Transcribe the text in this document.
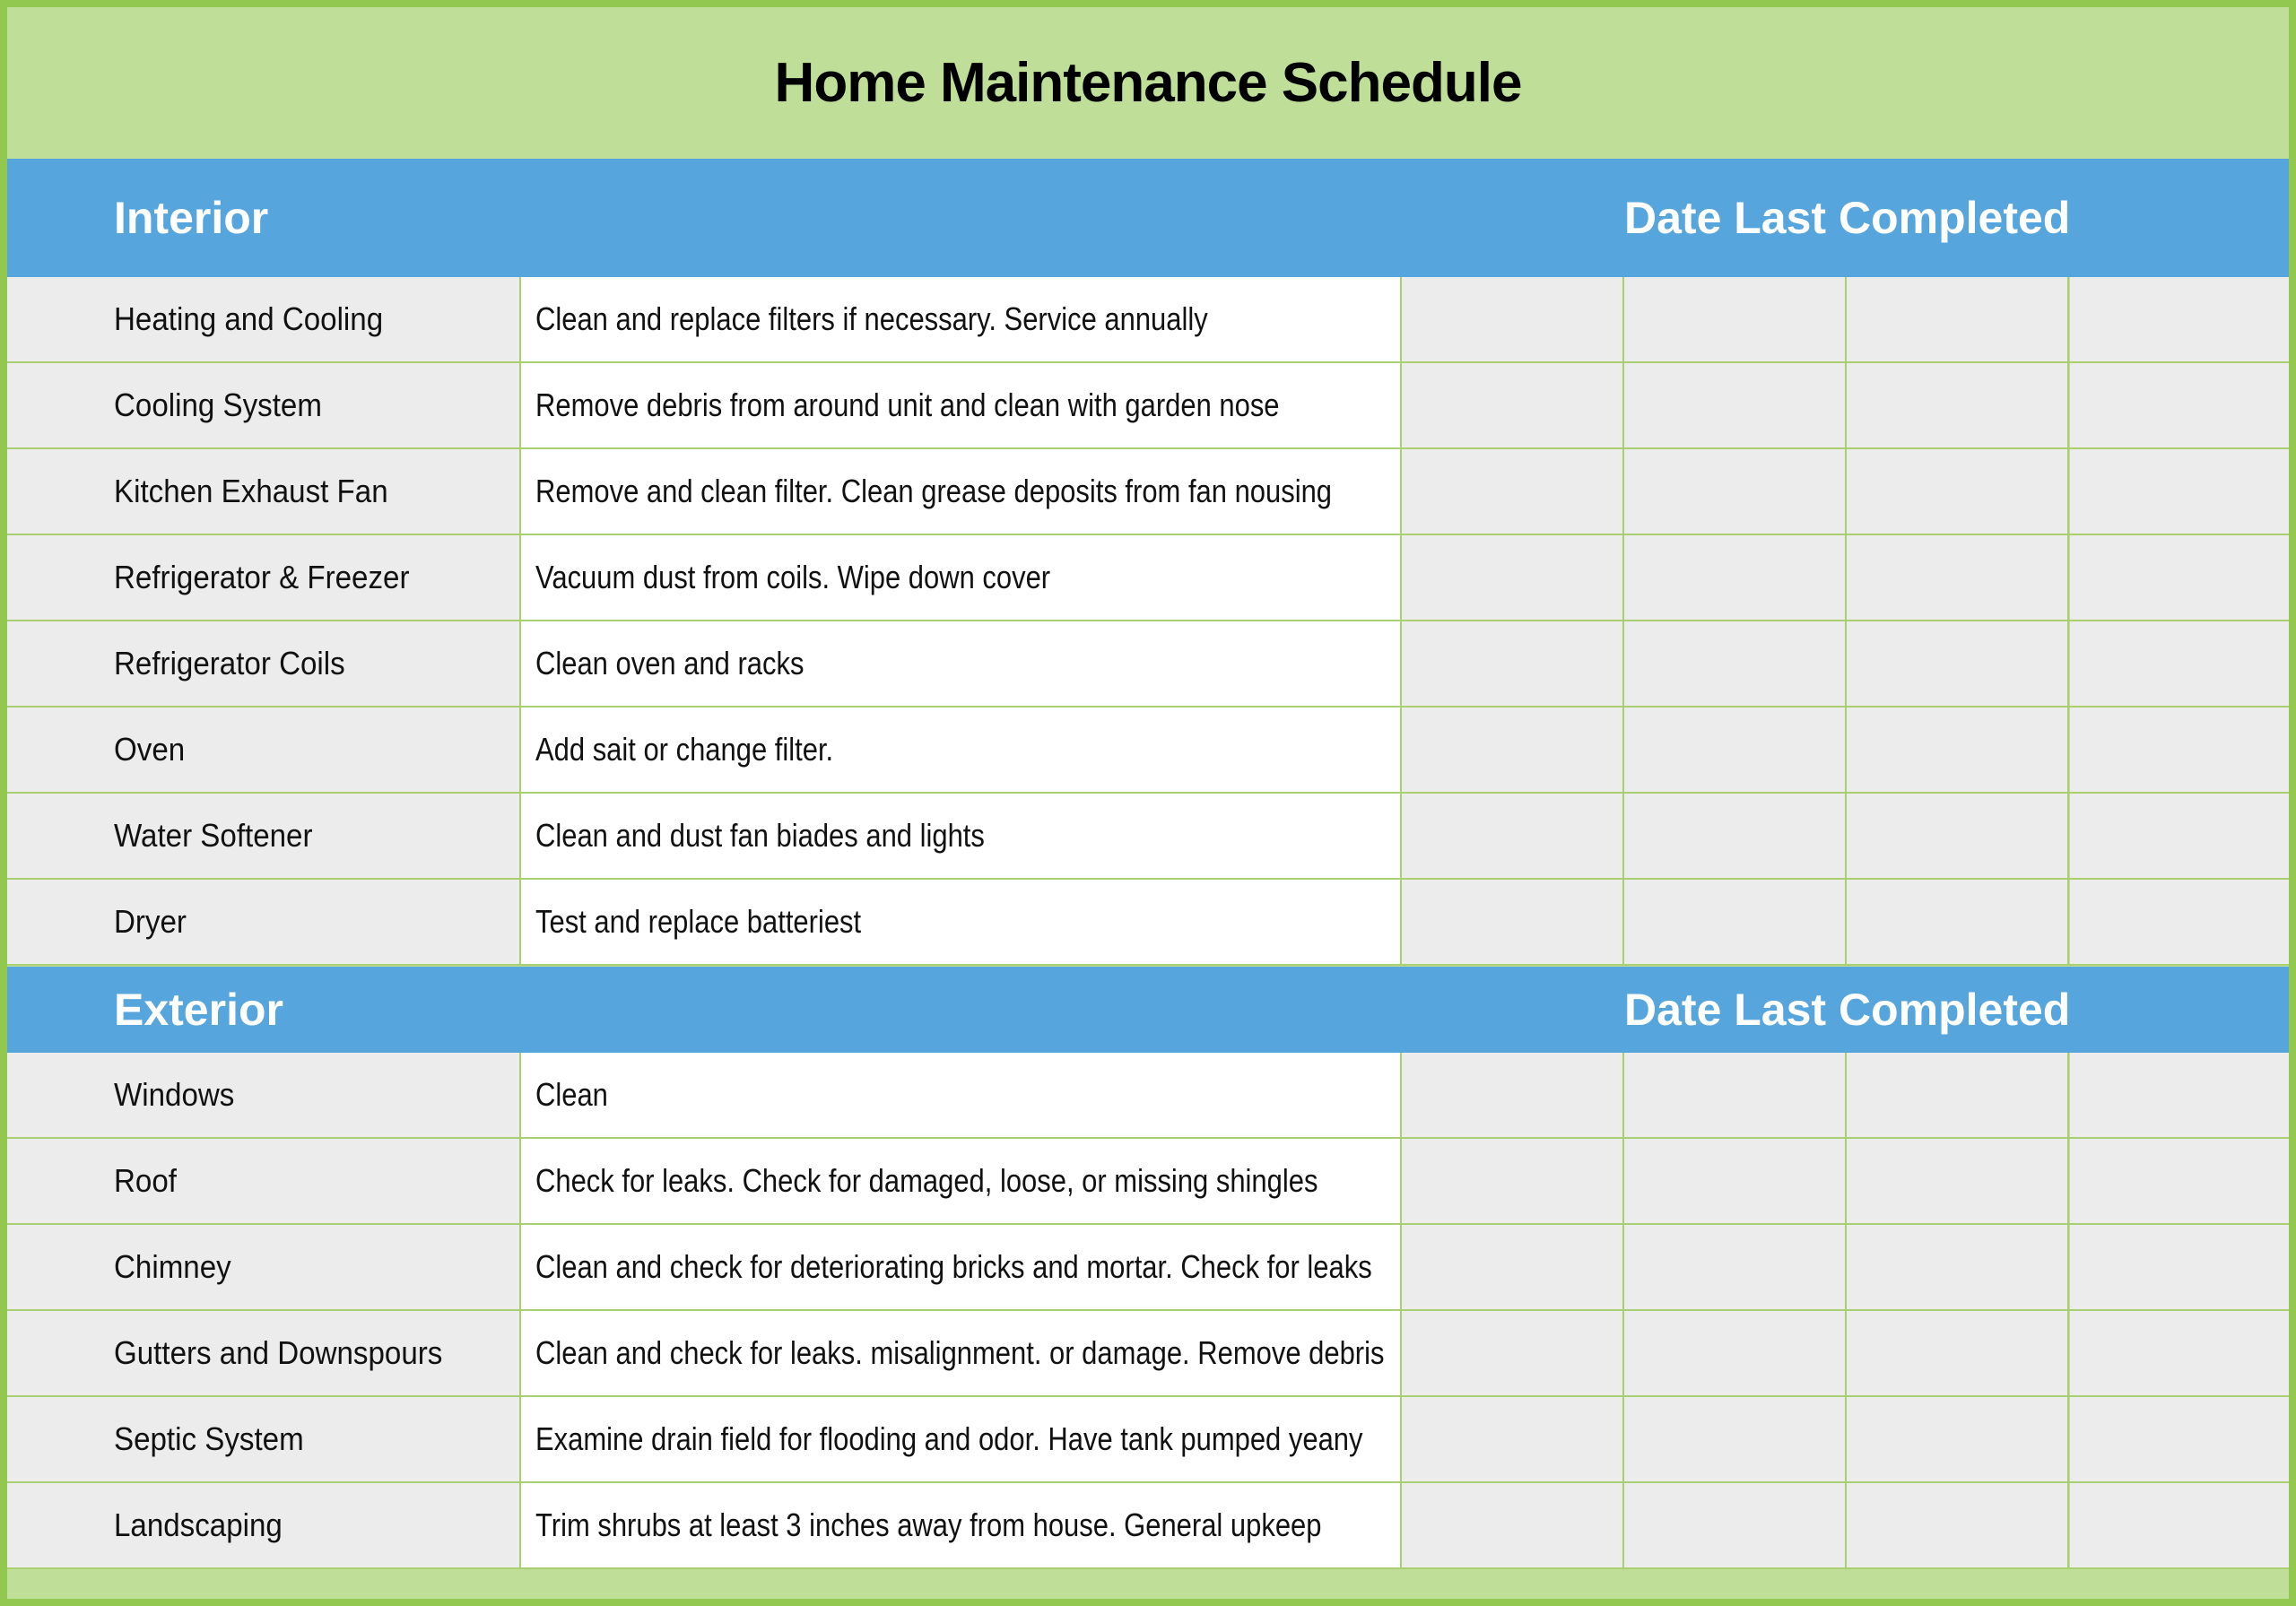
Home Maintenance Schedule
Interior	Date Last Completed
Heating and Cooling	Clean and replace filters if necessary. Service annually
Cooling System	Remove debris from around unit and clean with garden nose
Kitchen Exhaust Fan	Remove and clean filter. Clean grease deposits from fan nousing
Refrigerator & Freezer	Vacuum dust from coils. Wipe down cover
Refrigerator Coils	Clean oven and racks
Oven	Add sait or change filter.
Water Softener	Clean and dust fan biades and lights
Dryer	Test and replace batteriest
Exterior	Date Last Completed
Windows	Clean
Roof	Check for leaks. Check for damaged, loose, or missing shingles
Chimney	Clean and check for deteriorating bricks and mortar. Check for leaks
Gutters and Downspours	Clean and check for leaks. misalignment. or damage. Remove debris
Septic System	Examine drain field for flooding and odor. Have tank pumped yeany
Landscaping	Trim shrubs at least 3 inches away from house. General upkeep
